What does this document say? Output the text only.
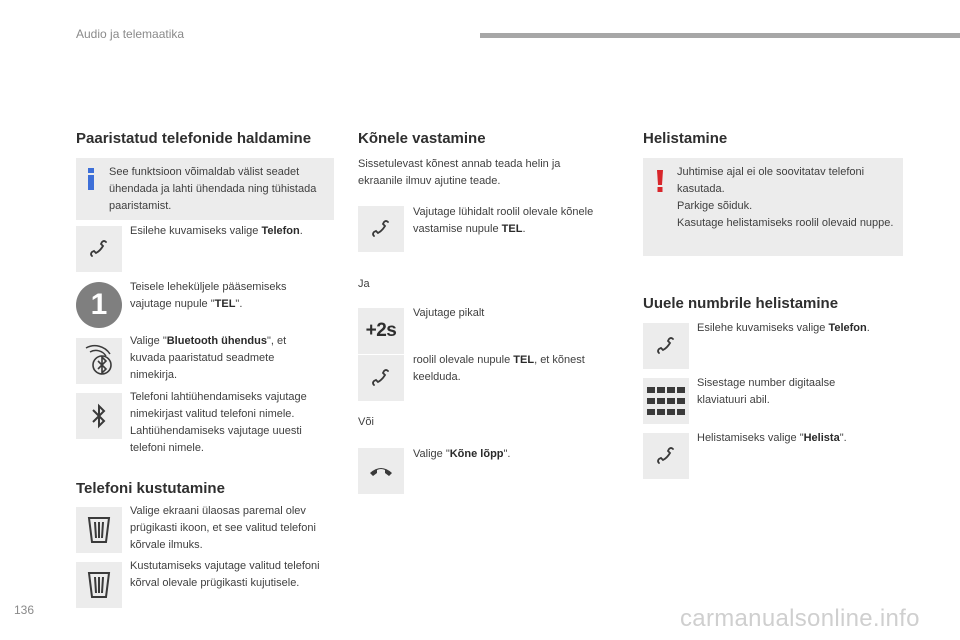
Audio ja telemaatika
Paaristatud telefonide haldamine
See funktsioon võimaldab välist seadet ühendada ja lahti ühendada ning tühistada paaristamist.
Esilehe kuvamiseks valige Telefon.
1
Teisele leheküljele pääsemiseks vajutage nupule "TEL".
Valige "Bluetooth ühendus", et kuvada paaristatud seadmete nimekirja.
Telefoni lahtiühendamiseks vajutage nimekirjast valitud telefoni nimele. Lahtiühendamiseks vajutage uuesti telefoni nimele.
Telefoni kustutamine
Valige ekraani ülaosas paremal olev prügikasti ikoon, et see valitud telefoni kõrvale ilmuks.
Kustutamiseks vajutage valitud telefoni kõrval olevale prügikasti kujutisele.
Kõnele vastamine
Sissetulevast kõnest annab teada helin ja ekraanile ilmuv ajutine teade.
Vajutage lühidalt roolil olevale kõnele vastamise nupule TEL.
Ja
+2s
Vajutage pikalt
roolil olevale nupule TEL, et kõnest keelduda.
Või
Valige "Kõne lõpp".
Helistamine
Juhtimise ajal ei ole soovitatav telefoni kasutada.
Parkige sõiduk.
Kasutage helistamiseks roolil olevaid nuppe.
Uuele numbrile helistamine
Esilehe kuvamiseks valige Telefon.
Sisestage number digitaalse klaviatuuri abil.
Helistamiseks valige "Helista".
136	carmanualsonline.info
